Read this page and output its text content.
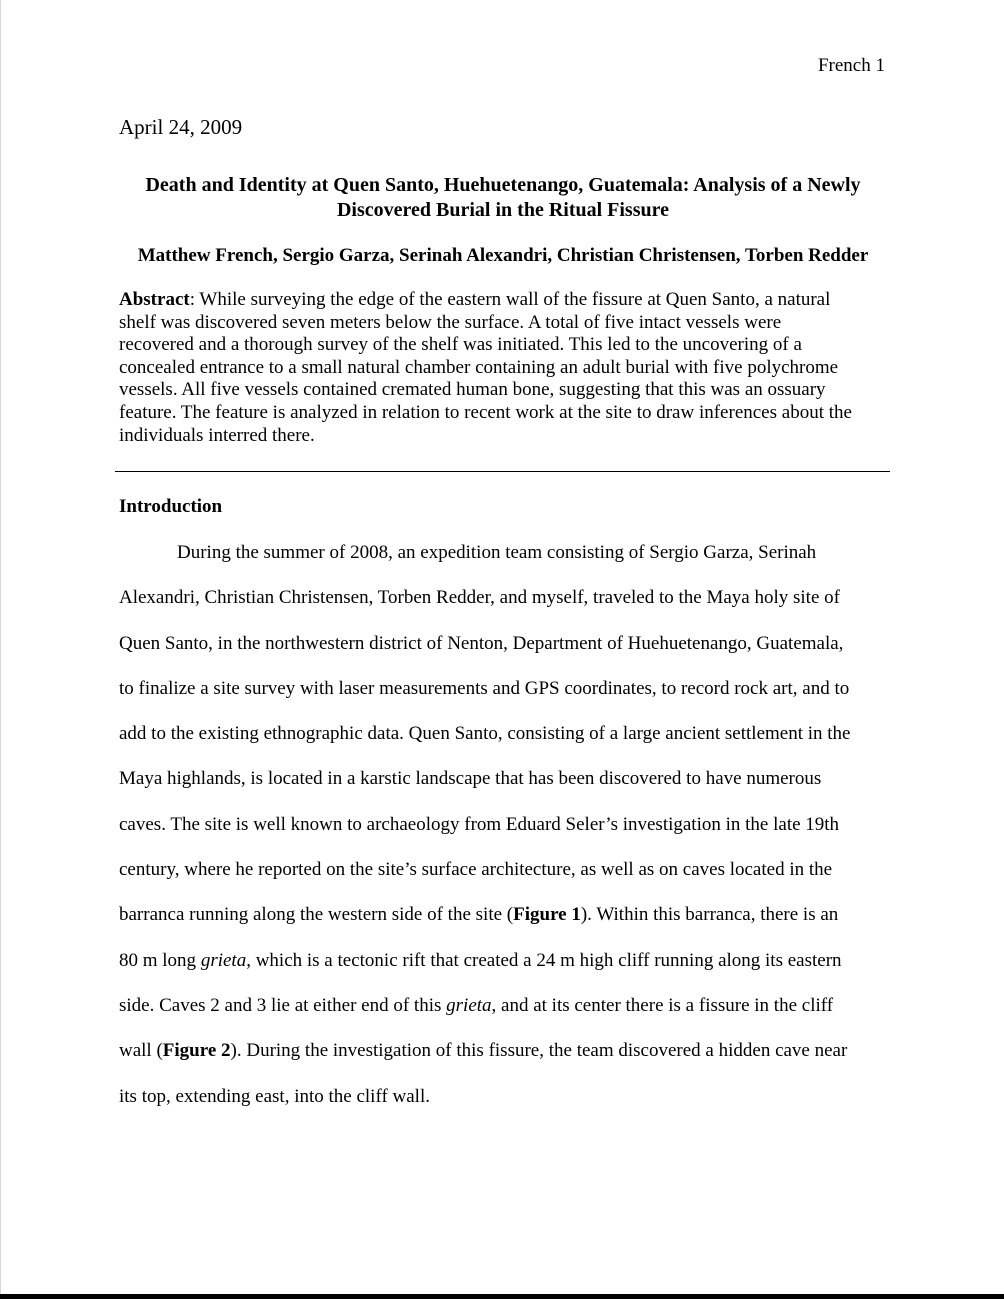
French 1
April 24, 2009
Death and Identity at Quen Santo, Huehuetenango, Guatemala: Analysis of a Newly
Discovered Burial in the Ritual Fissure

Matthew French, Sergio Garza, Serinah Alexandri, Christian Christensen, Torben Redder

Abstract: While surveying the edge of the eastern wall of the fissure at Quen Santo, a natural
shelf was discovered seven meters below the surface. A total of five intact vessels were
recovered and a thorough survey of the shelf was initiated. This led to the uncovering of a
concealed entrance to a small natural chamber containing an adult burial with five polychrome
vessels. All five vessels contained cremated human bone, suggesting that this was an ossuary
feature. The feature is analyzed in relation to recent work at the site to draw inferences about the
individuals interred there.

Introduction
During the summer of 2008, an expedition team consisting of Sergio Garza, Serinah
Alexandri, Christian Christensen, Torben Redder, and myself, traveled to the Maya holy site of
Quen Santo, in the northwestern district of Nenton, Department of Huehuetenango, Guatemala,
to finalize a site survey with laser measurements and GPS coordinates, to record rock art, and to
add to the existing ethnographic data. Quen Santo, consisting of a large ancient settlement in the
Maya highlands, is located in a karstic landscape that has been discovered to have numerous
caves. The site is well known to archaeology from Eduard Seler’s investigation in the late 19th
century, where he reported on the site’s surface architecture, as well as on caves located in the
barranca running along the western side of the site (Figure 1). Within this barranca, there is an
80 m long grieta, which is a tectonic rift that created a 24 m high cliff running along its eastern
side. Caves 2 and 3 lie at either end of this grieta, and at its center there is a fissure in the cliff
wall (Figure 2). During the investigation of this fissure, the team discovered a hidden cave near
its top, extending east, into the cliff wall.
